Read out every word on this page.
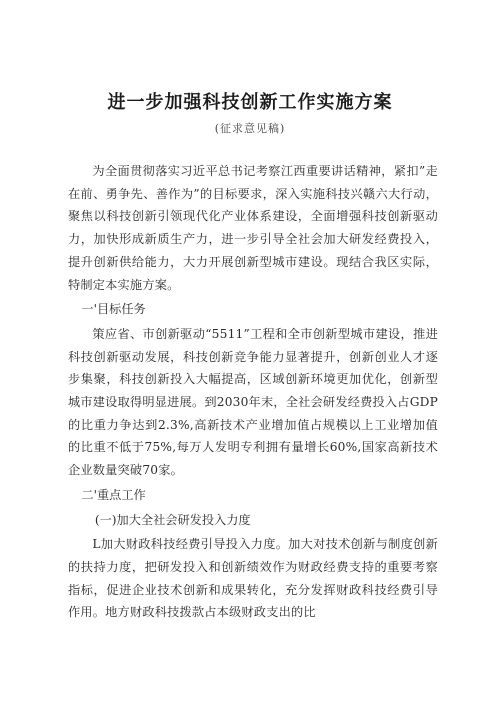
进一步加强科技创新工作实施方案
(征求意见稿)

为全面贯彻落实习近平总书记考察江西重要讲话精神，紧扣”走在前、勇争先、善作为”的目标要求，深入实施科技兴赣六大行动，聚焦以科技创新引领现代化产业体系建设，全面增强科技创新驱动力，加快形成新质生产力，进一步引导全社会加大研发经费投入，提升创新供给能力，大力开展创新型城市建设。现结合我区实际，特制定本实施方案。

一'目标任务

策应省、市创新驱动“5511”工程和全市创新型城市建设，推进科技创新驱动发展，科技创新竞争能力显著提升，创新创业人才逐步集聚，科技创新投入大幅提高，区域创新环境更加优化，创新型城市建设取得明显进展。到2030年末，全社会研发经费投入占GDP的比重力争达到2.3%,高新技术产业增加值占规模以上工业增加值的比重不低于75%,每万人发明专利拥有量增长60%,国家高新技术企业数量突破70家。

二'重点工作

(一)加大全社会研发投入力度

L加大财政科技经费引导投入力度。加大对技术创新与制度创新的扶持力度，把研发投入和创新绩效作为财政经费支持的重要考察指标，促进企业技术创新和成果转化，充分发挥财政科技经费引导作用。地方财政科技拨款占本级财政支出的比
